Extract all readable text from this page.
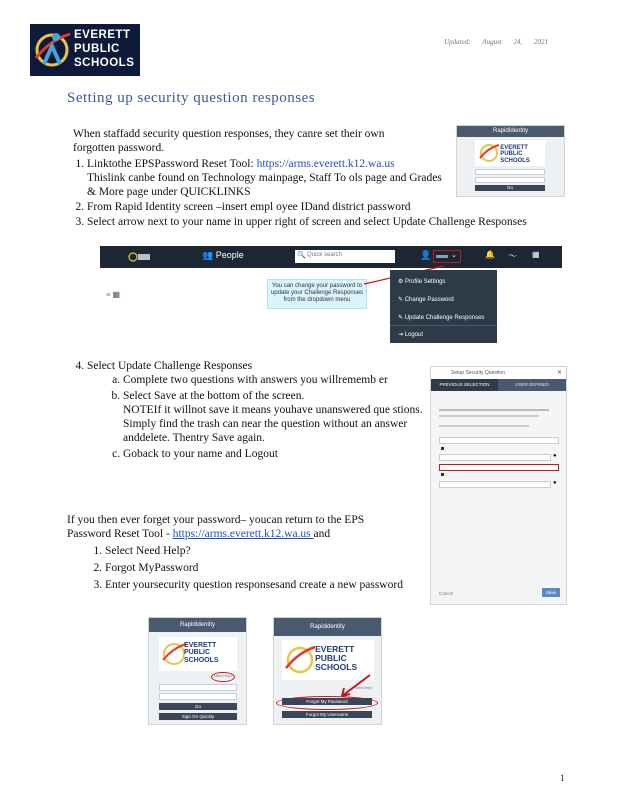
EVERETT
PUBLIC
SCHOOLS
Updated: August 24, 2021
Setting up security question responses
When staffadd security question responses, they canre set their own forgotten password.
1. Linktothe EPSPassword Reset Tool: https://arms.everett.k12.wa.us
Thislink canbe found on Technology mainpage, Staff To ols page and Grades & More page under QUICKLINKS
2. From Rapid Identity screen –insert empl oyee IDand district password
3. Select arrow next to your name in upper right of screen and select Update Challenge Responses
RapidIdentity
EVERETT
PUBLIC
SCHOOLS
Go
👥 People	🔍 Quick search	👤	⌄	🔔 〜 ▦
≡ ▦
You can change your password to update your Challenge Responses from the dropdown menu
⚙ Profile Settings
✎ Change Password
✎ Update Challenge Responses
⇥ Logout
4. Select Update Challenge Responses
a. Complete two questions with answers you willrememb er
b. Select Save at the bottom of the screen.
NOTEIf it willnot save it means youhave unanswered que stions. Simply find the trash can near the question without an answer anddelete. Thentry Save again.
c. Goback to your name and Logout
Setup Security Question	✕
PREVIOUS SELECTION	USER DEFINED
●
●
Cancel	Save
If you then ever forget your password– youcan return to the EPS Password Reset Tool - https://arms.everett.k12.wa.us and
1. Select Need Help?
2. Forgot MyPassword
3. Enter yoursecurity question responsesand create a new password
RapidIdentity
EVERETT
PUBLIC
SCHOOLS
Need Help?
Go
Sign On Quickly
Rapididentity
EVERETT
PUBLIC
SCHOOLS
Need Help?
Forgot My Password
Forgot My Username
1
